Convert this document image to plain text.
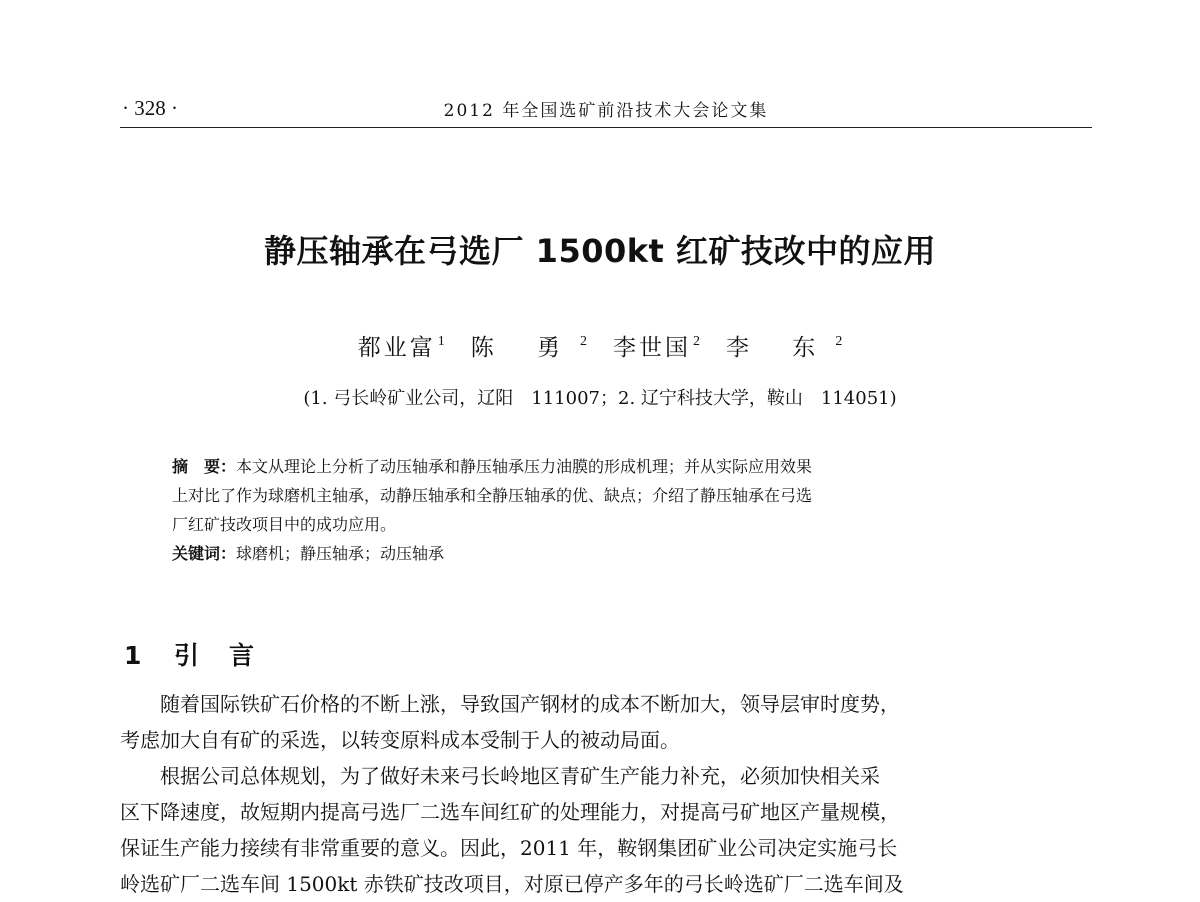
· 328 ·	2012 年全国选矿前沿技术大会论文集
静压轴承在弓选厂 1500kt 红矿技改中的应用
都业富 $^1$ 陈 勇 $^2$ 李世国 $^2$ 李 东 $^2$
(1. 弓长岭矿业公司，辽阳　111007；2. 辽宁科技大学，鞍山　114051)
摘　要：本文从理论上分析了动压轴承和静压轴承压力油膜的形成机理；并从实际应用效果
上对比了作为球磨机主轴承，动静压轴承和全静压轴承的优、缺点；介绍了静压轴承在弓选
厂红矿技改项目中的成功应用。
关键词：球磨机；静压轴承；动压轴承
1 引言
随着国际铁矿石价格的不断上涨，导致国产钢材的成本不断加大，领导层审时度势，
考虑加大自有矿的采选，以转变原料成本受制于人的被动局面。
根据公司总体规划，为了做好未来弓长岭地区青矿生产能力补充，必须加快相关采
区下降速度，故短期内提高弓选厂二选车间红矿的处理能力，对提高弓矿地区产量规模，
保证生产能力接续有非常重要的意义。因此，2011 年，鞍钢集团矿业公司决定实施弓长
岭选矿厂二选车间 1500kt 赤铁矿技改项目，对原已停产多年的弓长岭选矿厂二选车间及
